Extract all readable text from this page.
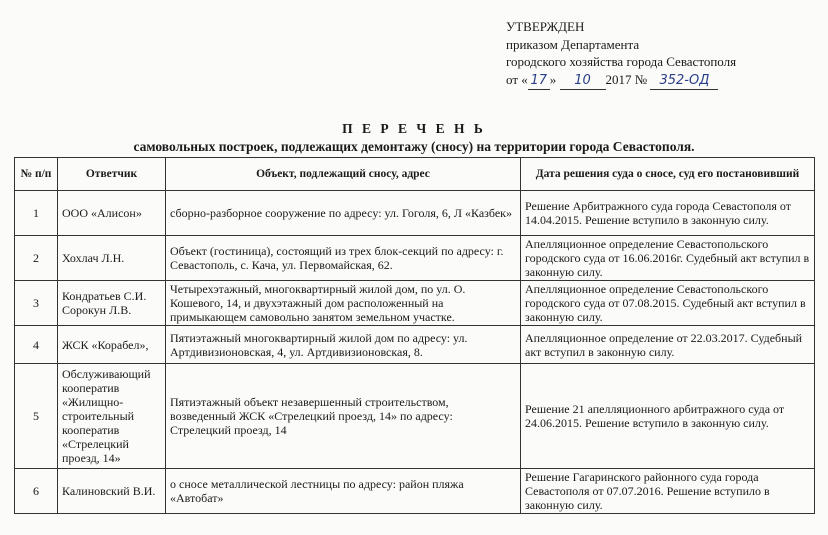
УТВЕРЖДЕН
приказом Департамента
городского хозяйства города Севастополя
от « 17 » 10 2017 № 352-ОД
П Е Р Е Ч Е Н Ь
самовольных построек, подлежащих демонтажу (сносу) на территории города Севастополя.
№ п/п	Ответчик	Объект, подлежащий сносу, адрес	Дата решения суда о сносе, суд его постановивший
1	ООО «Алисон»	сборно-разборное сооружение по адресу: ул. Гоголя, 6, Л «Казбек»	Решение Арбитражного суда города Севастополя от 14.04.2015. Решение вступило в законную силу.
2	Хохлач Л.Н.	Объект (гостиница), состоящий из трех блок-секций по адресу: г. Севастополь, с. Кача, ул. Первомайская, 62.	Апелляционное определение Севастопольского городского суда от 16.06.2016г. Судебный акт вступил в законную силу.
3	Кондратьев С.И. Сорокун Л.В.	Четырехэтажный, многоквартирный жилой дом, по ул. О. Кошевого, 14, и двухэтажный дом расположенный на примыкающем самовольно занятом земельном участке.	Апелляционное определение Севастопольского городского суда от 07.08.2015. Судебный акт вступил в законную силу.
4	ЖСК «Корабел»,	Пятиэтажный многоквартирный жилой дом по адресу: ул. Артдивизионовская, 4, ул. Артдивизионовская, 8.	Апелляционное определение от 22.03.2017. Судебный акт вступил в законную силу.
5	Обслуживающий кооператив «Жилищно-строительный кооператив «Стрелецкий проезд, 14»	Пятиэтажный объект незавершенный строительством, возведенный ЖСК «Стрелецкий проезд, 14» по адресу: Стрелецкий проезд, 14	Решение 21 апелляционного арбитражного суда от 24.06.2015. Решение вступило в законную силу.
6	Калиновский В.И.	о сносе металлической лестницы по адресу: район пляжа «Автобат»	Решение Гагаринского районного суда города Севастополя от 07.07.2016. Решение вступило в законную силу.
